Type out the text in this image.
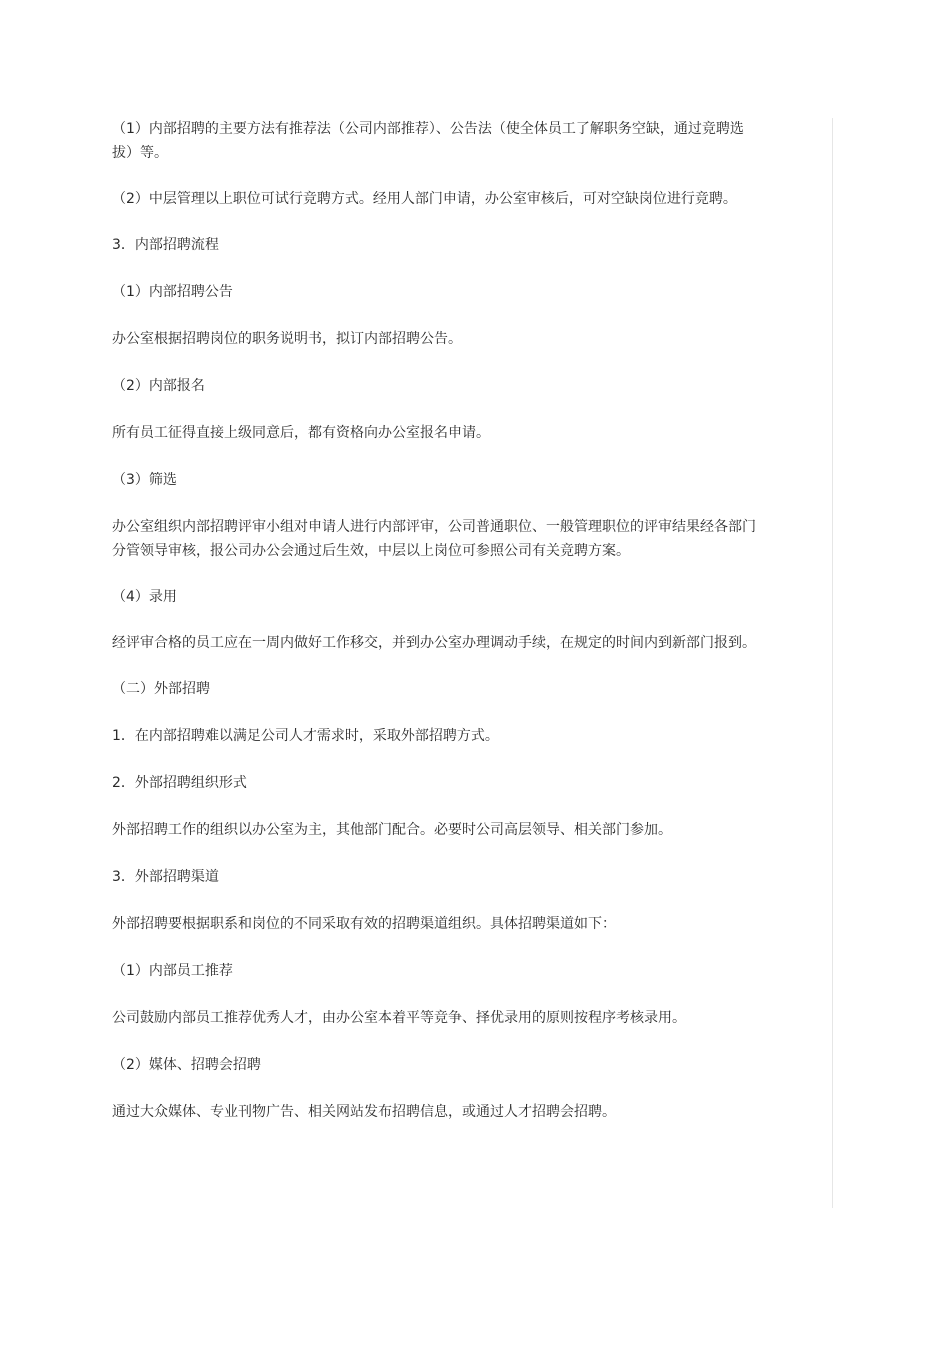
（1）内部招聘的主要方法有推荐法（公司内部推荐）、公告法（使全体员工了解职务空缺，通过竞聘选拔）等。

（2）中层管理以上职位可试行竞聘方式。经用人部门申请，办公室审核后，可对空缺岗位进行竞聘。

3．内部招聘流程

（1）内部招聘公告

办公室根据招聘岗位的职务说明书，拟订内部招聘公告。

（2）内部报名

所有员工征得直接上级同意后，都有资格向办公室报名申请。

（3）筛选

办公室组织内部招聘评审小组对申请人进行内部评审，公司普通职位、一般管理职位的评审结果经各部门分管领导审核，报公司办公会通过后生效，中层以上岗位可参照公司有关竞聘方案。

（4）录用

经评审合格的员工应在一周内做好工作移交，并到办公室办理调动手续，在规定的时间内到新部门报到。

（二）外部招聘

1．在内部招聘难以满足公司人才需求时，采取外部招聘方式。

2．外部招聘组织形式

外部招聘工作的组织以办公室为主，其他部门配合。必要时公司高层领导、相关部门参加。

3．外部招聘渠道

外部招聘要根据职系和岗位的不同采取有效的招聘渠道组织。具体招聘渠道如下：

（1）内部员工推荐

公司鼓励内部员工推荐优秀人才，由办公室本着平等竞争、择优录用的原则按程序考核录用。

（2）媒体、招聘会招聘

通过大众媒体、专业刊物广告、相关网站发布招聘信息，或通过人才招聘会招聘。
